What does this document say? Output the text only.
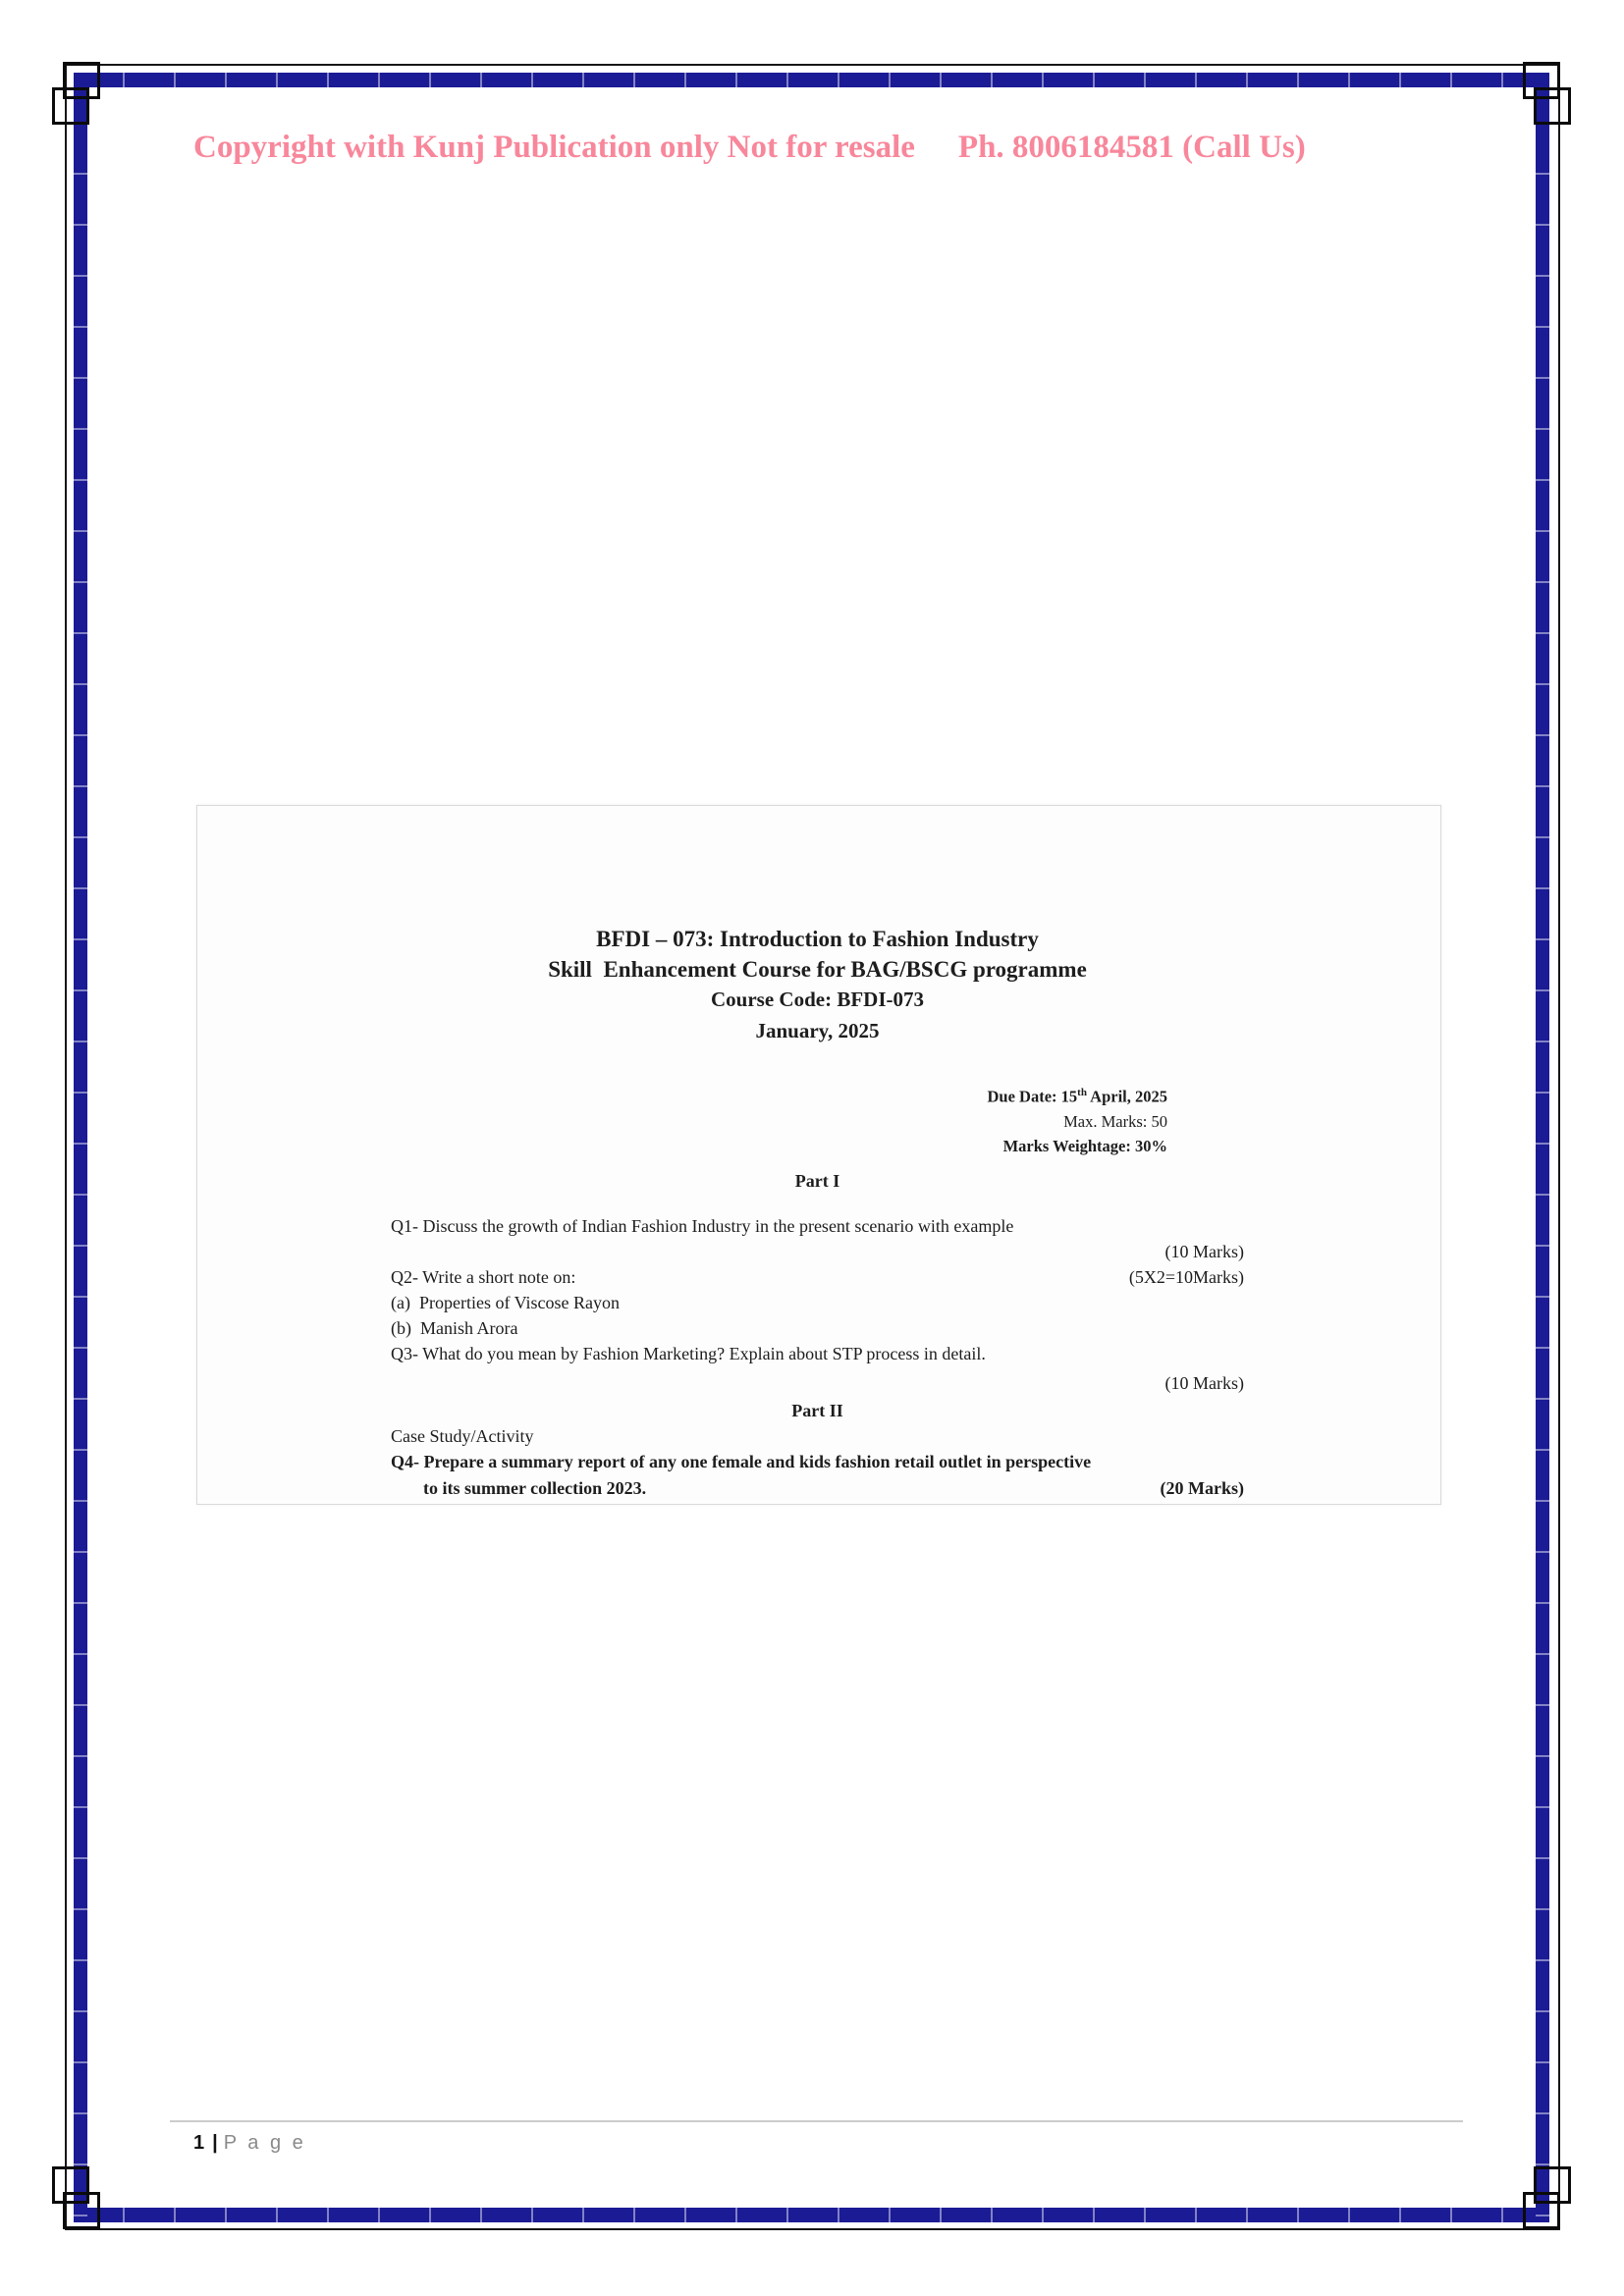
Copyright with Kunj Publication only Not for resale Ph. 8006184581 (Call Us)
BFDI – 073: Introduction to Fashion Industry
Skill  Enhancement Course for BAG/BSCG programme
Course Code: BFDI-073
January, 2025
Due Date: 15th April, 2025
Max. Marks: 50
Marks Weightage: 30%
Part I
Q1- Discuss the growth of Indian Fashion Industry in the present scenario with example
(10 Marks)
Q2- Write a short note on:	(5X2=10Marks)
(a)  Properties of Viscose Rayon
(b)  Manish Arora
Q3- What do you mean by Fashion Marketing? Explain about STP process in detail.
(10 Marks)
Part II
Case Study/Activity
Q4- Prepare a summary report of any one female and kids fashion retail outlet in perspective
to its summer collection 2023.	(20 Marks)
1 | P a g e
